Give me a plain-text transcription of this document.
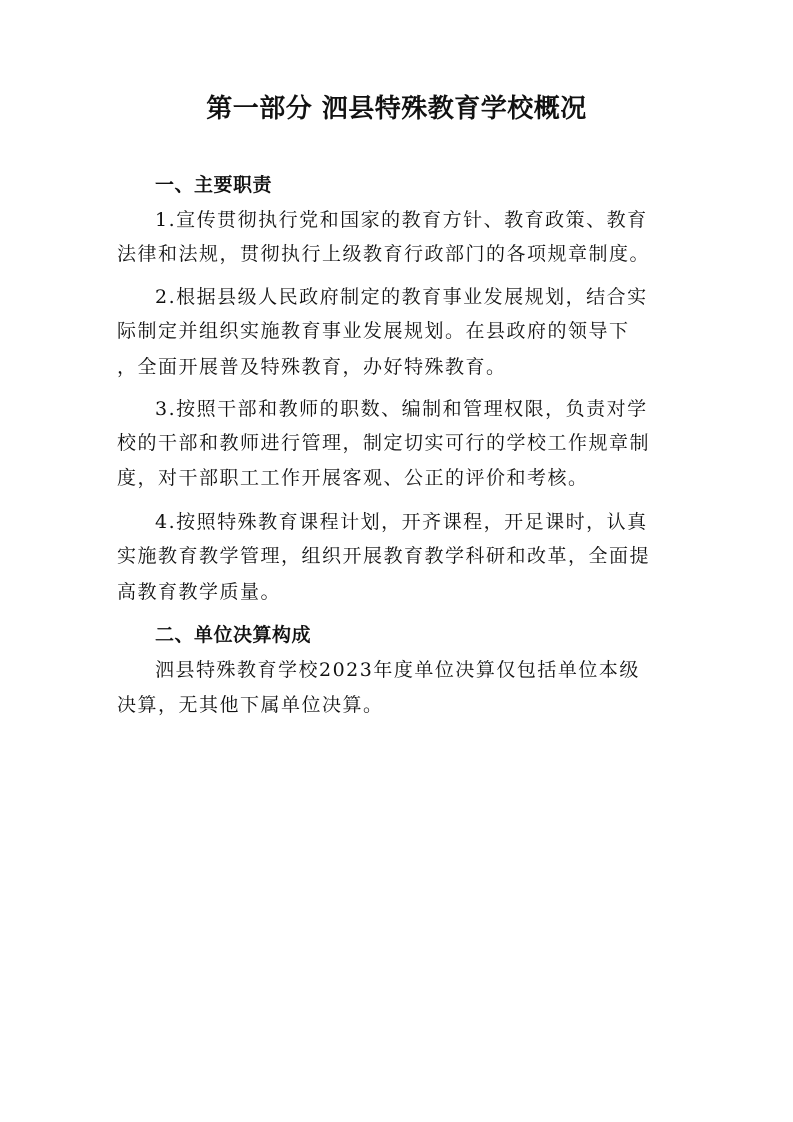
第一部分 泗县特殊教育学校概况
一、主要职责
1.宣传贯彻执行党和国家的教育方针、教育政策、教育
法律和法规，贯彻执行上级教育行政部门的各项规章制度。
2.根据县级人民政府制定的教育事业发展规划，结合实
际制定并组织实施教育事业发展规划。在县政府的领导下
，全面开展普及特殊教育，办好特殊教育。
3.按照干部和教师的职数、编制和管理权限，负责对学
校的干部和教师进行管理，制定切实可行的学校工作规章制
度，对干部职工工作开展客观、公正的评价和考核。
4.按照特殊教育课程计划，开齐课程，开足课时，认真
实施教育教学管理，组织开展教育教学科研和改革，全面提
高教育教学质量。
二、单位决算构成
泗县特殊教育学校2023年度单位决算仅包括单位本级
决算，无其他下属单位决算。
